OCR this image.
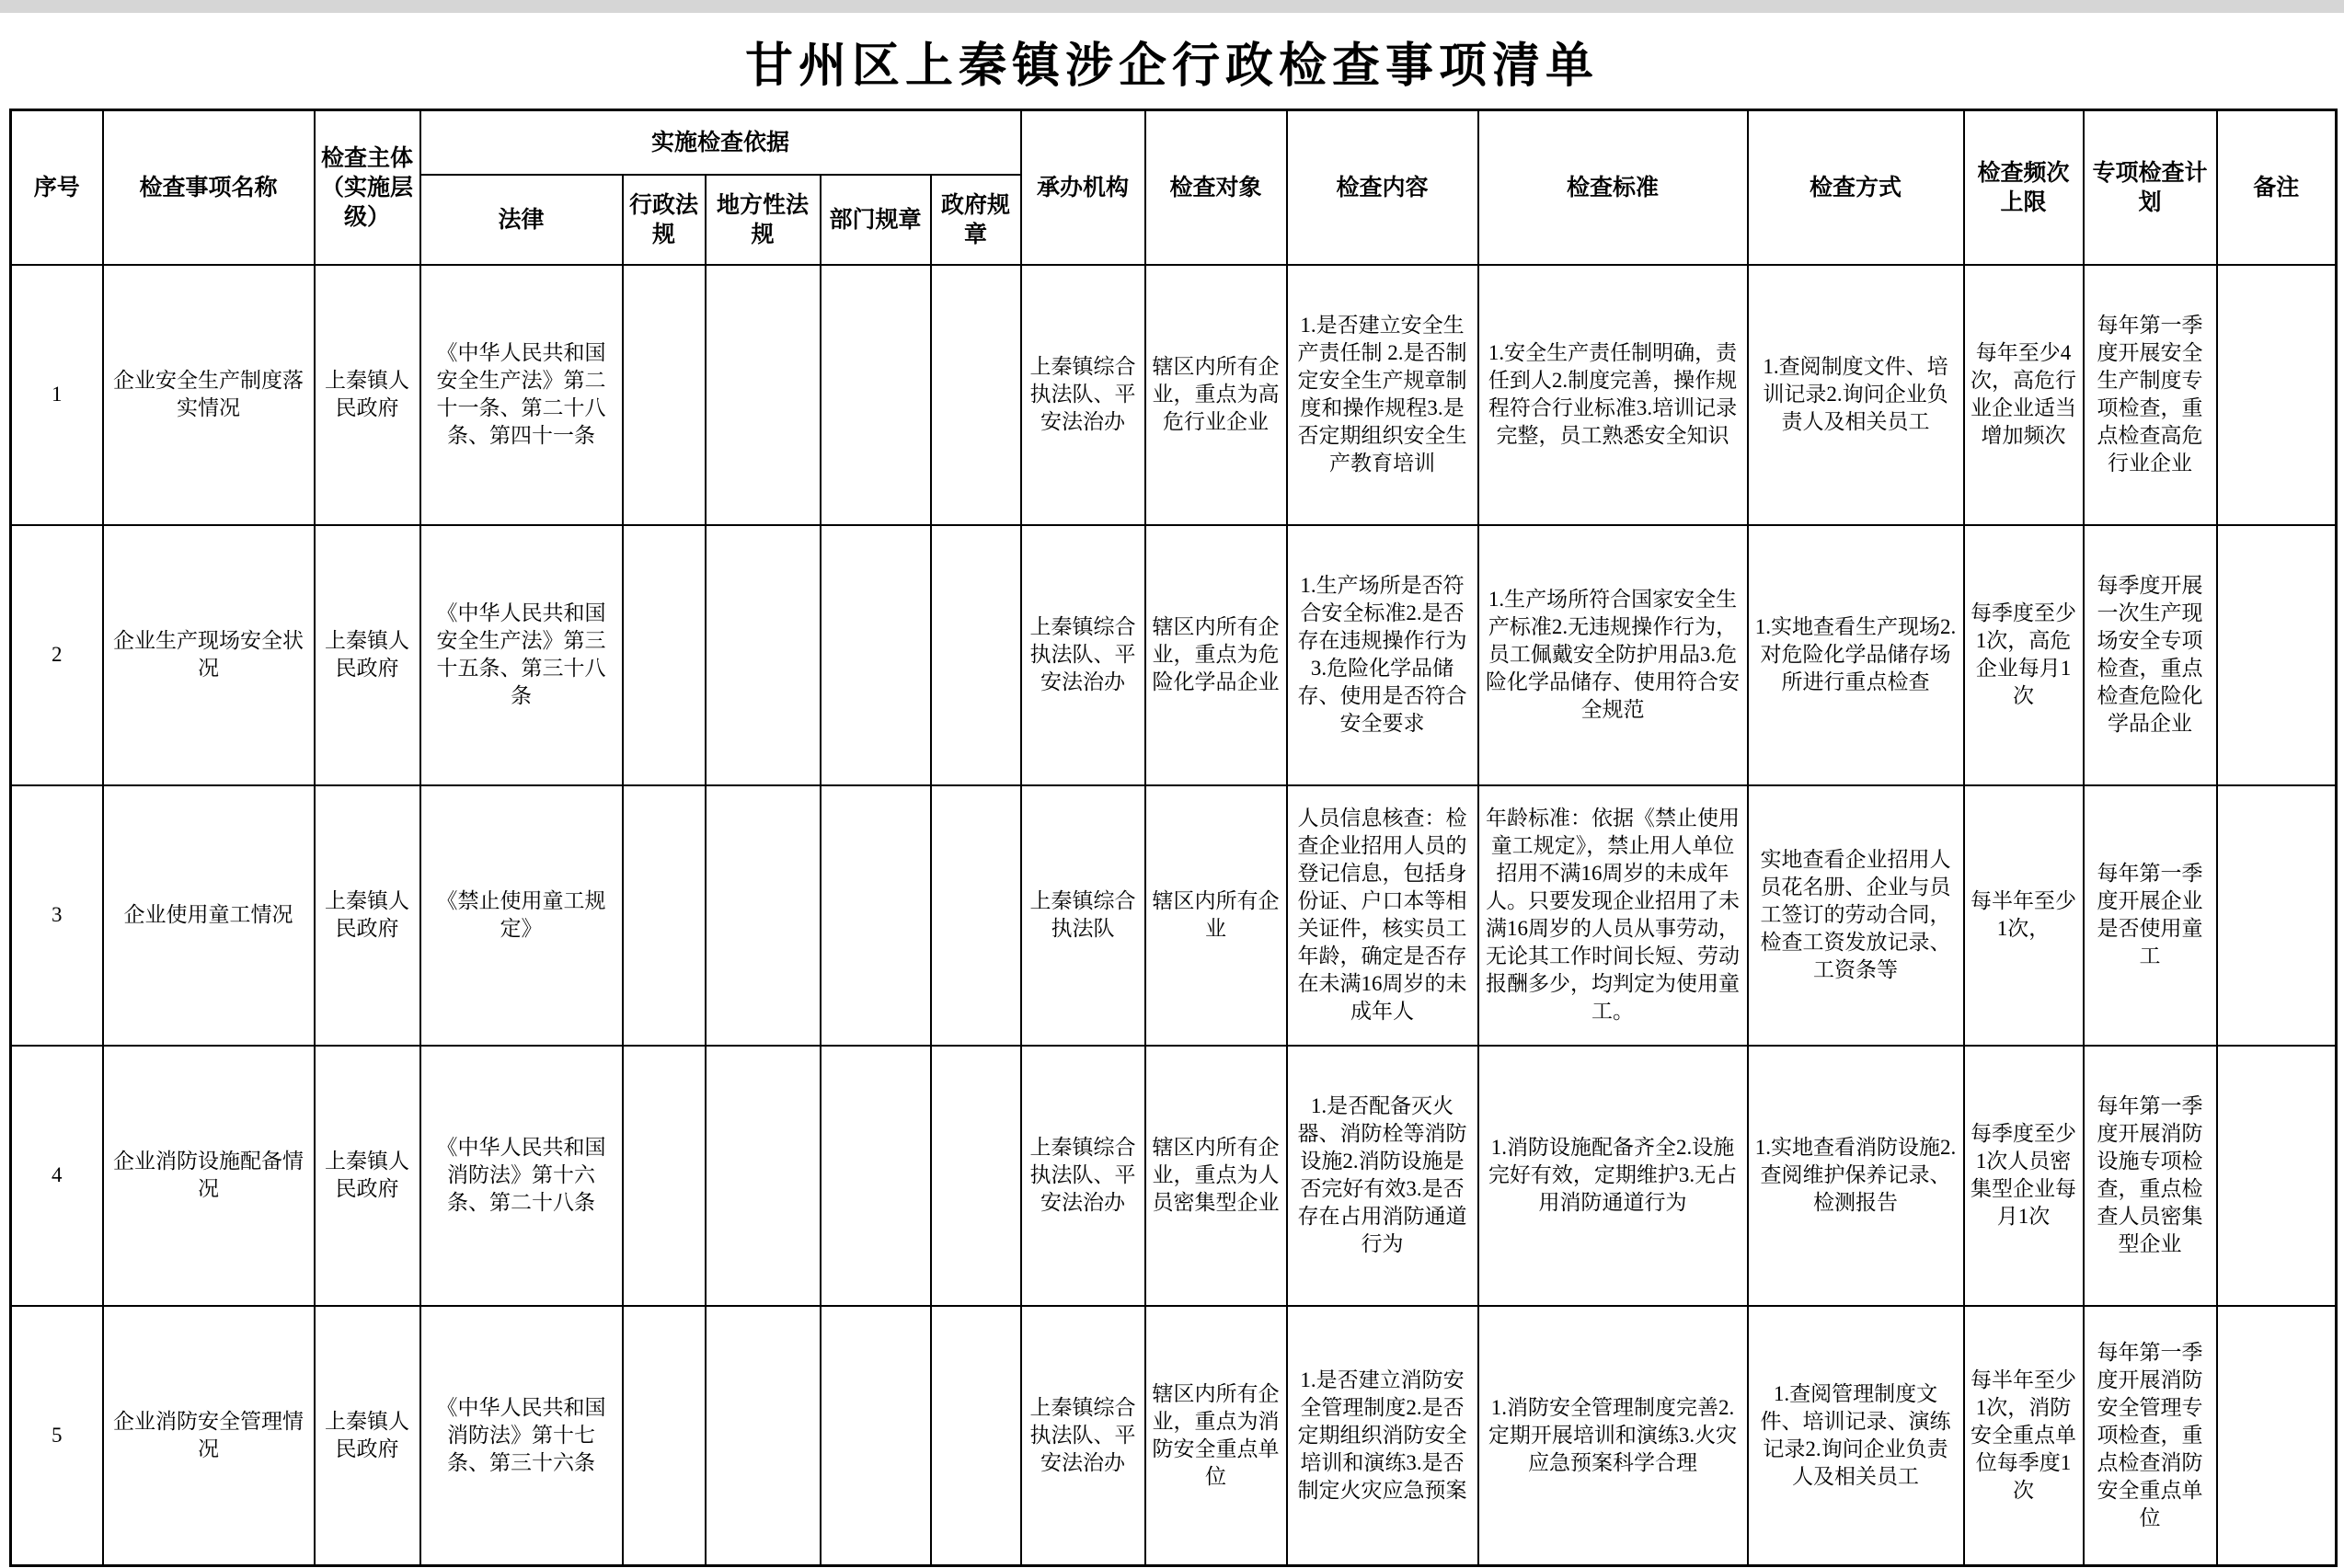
甘州区上秦镇涉企行政检查事项清单
序号	检查事项名称	检查主体（实施层级）	实施检查依据					承办机构	检查对象	检查内容	检查标准	检查方式	检查频次上限	专项检查计划	备注
			法律	行政法规	地方性法规	部门规章	政府规章								
1	企业安全生产制度落实情况	上秦镇人民政府	《中华人民共和国安全生产法》第二十一条、第二十八条、第四十一条					上秦镇综合执法队、平安法治办	辖区内所有企业，重点为高危行业企业	1.是否建立安全生产责任制 2.是否制定安全生产规章制度和操作规程3.是否定期组织安全生产教育培训	1.安全生产责任制明确，责任到人2.制度完善，操作规程符合行业标准3.培训记录完整，员工熟悉安全知识	1.查阅制度文件、培训记录2.询问企业负责人及相关员工	每年至少4次，高危行业企业适当增加频次	每年第一季度开展安全生产制度专项检查，重点检查高危行业企业	
2	企业生产现场安全状况	上秦镇人民政府	《中华人民共和国安全生产法》第三十五条、第三十八条					上秦镇综合执法队、平安法治办	辖区内所有企业，重点为危险化学品企业	1.生产场所是否符合安全标准2.是否存在违规操作行为3.危险化学品储存、使用是否符合安全要求	1.生产场所符合国家安全生产标准2.无违规操作行为，员工佩戴安全防护用品3.危险化学品储存、使用符合安全规范	1.实地查看生产现场2.对危险化学品储存场所进行重点检查	每季度至少1次，高危企业每月1次	每季度开展一次生产现场安全专项检查，重点检查危险化学品企业	
3	企业使用童工情况	上秦镇人民政府	《禁止使用童工规定》					上秦镇综合执法队	辖区内所有企业	人员信息核查：检查企业招用人员的登记信息，包括身份证、户口本等相关证件，核实员工年龄，确定是否存在未满16周岁的未成年人	年龄标准：依据《禁止使用童工规定》，禁止用人单位招用不满16周岁的未成年人。只要发现企业招用了未满16周岁的人员从事劳动，无论其工作时间长短、劳动报酬多少，均判定为使用童工。	实地查看企业招用人员花名册、企业与员工签订的劳动合同，检查工资发放记录、工资条等	每半年至少1次，	每年第一季度开展企业是否使用童工	
4	企业消防设施配备情况	上秦镇人民政府	《中华人民共和国消防法》第十六条、第二十八条					上秦镇综合执法队、平安法治办	辖区内所有企业，重点为人员密集型企业	1.是否配备灭火器、消防栓等消防设施2.消防设施是否完好有效3.是否存在占用消防通道行为	1.消防设施配备齐全2.设施完好有效，定期维护3.无占用消防通道行为	1.实地查看消防设施2.查阅维护保养记录、检测报告	每季度至少1次人员密集型企业每月1次	每年第一季度开展消防设施专项检查，重点检查人员密集型企业	
5	企业消防安全管理情况	上秦镇人民政府	《中华人民共和国消防法》第十七条、第三十六条					上秦镇综合执法队、平安法治办	辖区内所有企业，重点为消防安全重点单位	1.是否建立消防安全管理制度2.是否定期组织消防安全培训和演练3.是否制定火灾应急预案	1.消防安全管理制度完善2.定期开展培训和演练3.火灾应急预案科学合理	1.查阅管理制度文件、培训记录、演练记录2.询问企业负责人及相关员工	每半年至少1次，消防安全重点单位每季度1次	每年第一季度开展消防安全管理专项检查，重点检查消防安全重点单位	
